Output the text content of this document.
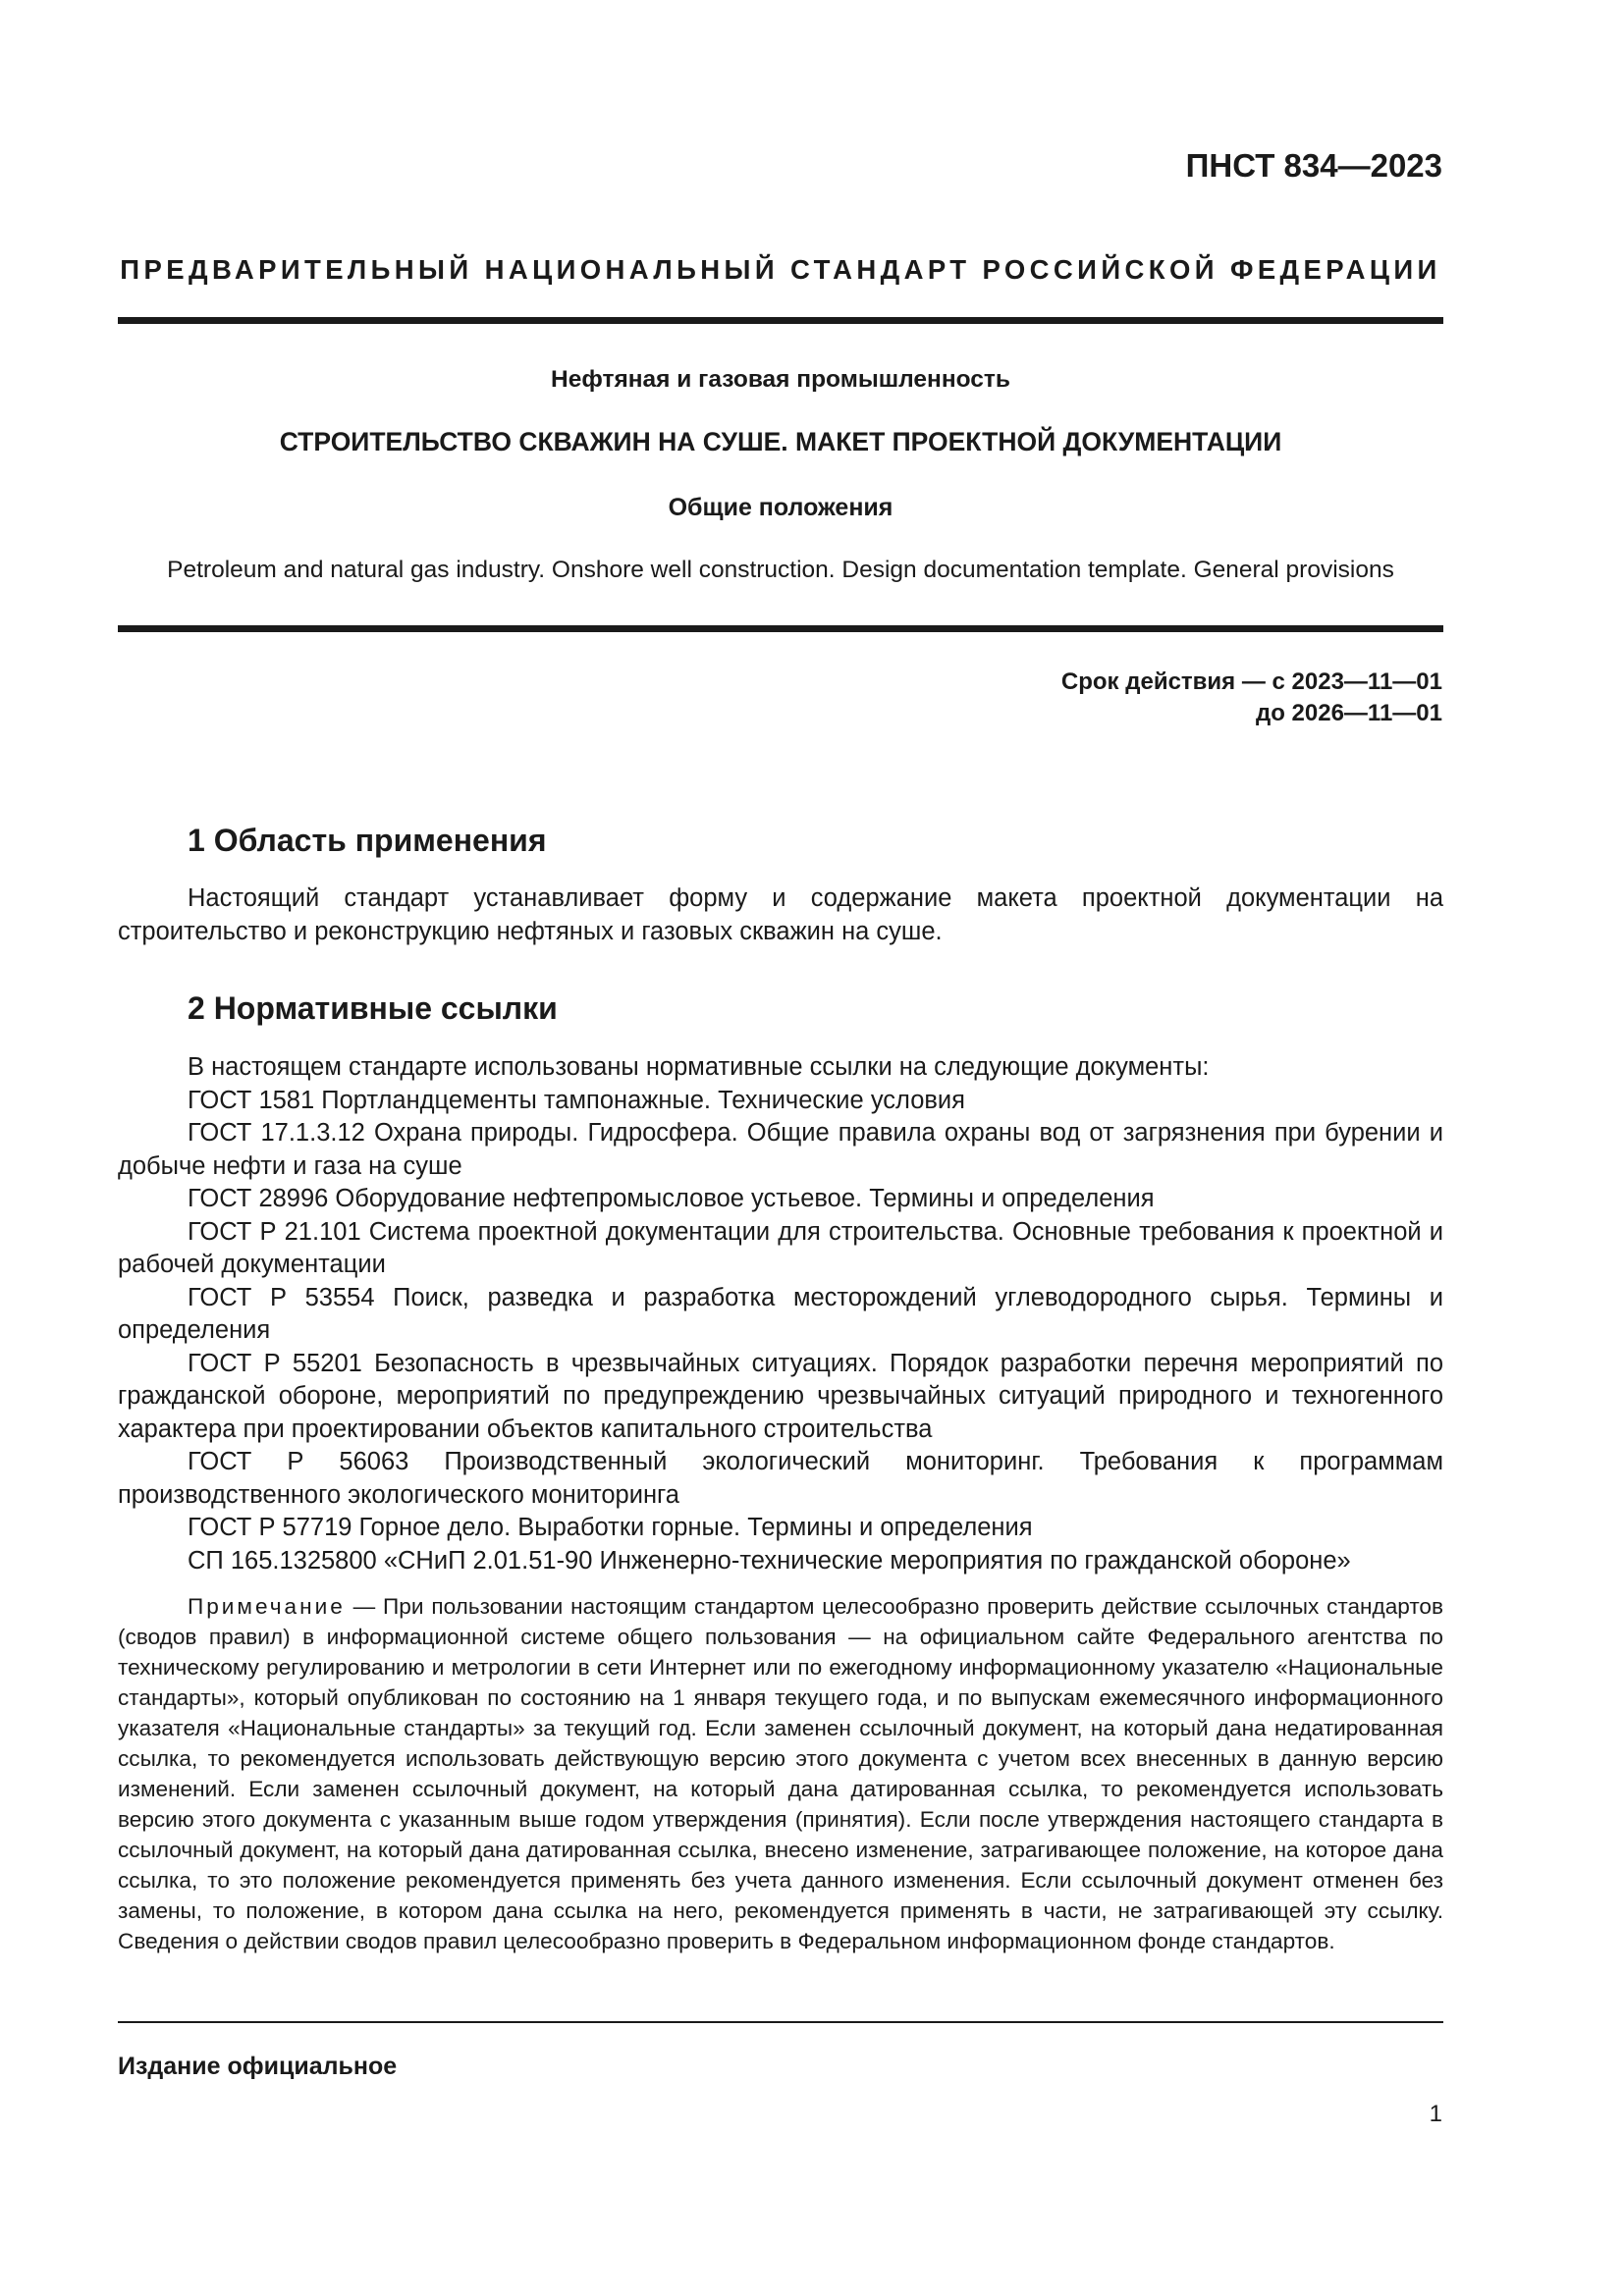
ПНСТ 834—2023
ПРЕДВАРИТЕЛЬНЫЙ НАЦИОНАЛЬНЫЙ СТАНДАРТ РОССИЙСКОЙ ФЕДЕРАЦИИ
Нефтяная и газовая промышленность
СТРОИТЕЛЬСТВО СКВАЖИН НА СУШЕ. МАКЕТ ПРОЕКТНОЙ ДОКУМЕНТАЦИИ
Общие положения
Petroleum and natural gas industry. Onshore well construction. Design documentation template. General provisions
Срок действия — с 2023—11—01
до 2026—11—01
1 Область применения

Настоящий стандарт устанавливает форму и содержание макета проектной документации на строительство и реконструкцию нефтяных и газовых скважин на суше.

2 Нормативные ссылки

В настоящем стандарте использованы нормативные ссылки на следующие документы:

ГОСТ 1581 Портландцементы тампонажные. Технические условия

ГОСТ 17.1.3.12 Охрана природы. Гидросфера. Общие правила охраны вод от загрязнения при бурении и добыче нефти и газа на суше

ГОСТ 28996 Оборудование нефтепромысловое устьевое. Термины и определения

ГОСТ Р 21.101 Система проектной документации для строительства. Основные требования к проектной и рабочей документации

ГОСТ Р 53554 Поиск, разведка и разработка месторождений углеводородного сырья. Термины и определения

ГОСТ Р 55201 Безопасность в чрезвычайных ситуациях. Порядок разработки перечня мероприятий по гражданской обороне, мероприятий по предупреждению чрезвычайных ситуаций природного и техногенного характера при проектировании объектов капитального строительства

ГОСТ Р 56063 Производственный экологический мониторинг. Требования к программам производственного экологического мониторинга

ГОСТ Р 57719 Горное дело. Выработки горные. Термины и определения

СП 165.1325800 «СНиП 2.01.51-90 Инженерно-технические мероприятия по гражданской обороне»

Примечание — При пользовании настоящим стандартом целесообразно проверить действие ссылочных стандартов (сводов правил) в информационной системе общего пользования — на официальном сайте Федерального агентства по техническому регулированию и метрологии в сети Интернет или по ежегодному информационному указателю «Национальные стандарты», который опубликован по состоянию на 1 января текущего года, и по выпускам ежемесячного информационного указателя «Национальные стандарты» за текущий год. Если заменен ссылочный документ, на который дана недатированная ссылка, то рекомендуется использовать действующую версию этого документа с учетом всех внесенных в данную версию изменений. Если заменен ссылочный документ, на который дана датированная ссылка, то рекомендуется использовать версию этого документа с указанным выше годом утверждения (принятия). Если после утверждения настоящего стандарта в ссылочный документ, на который дана датированная ссылка, внесено изменение, затрагивающее положение, на которое дана ссылка, то это положение рекомендуется применять без учета данного изменения. Если ссылочный документ отменен без замены, то положение, в котором дана ссылка на него, рекомендуется применять в части, не затрагивающей эту ссылку. Сведения о действии сводов правил целесообразно проверить в Федеральном информационном фонде стандартов.
Издание официальное
1
